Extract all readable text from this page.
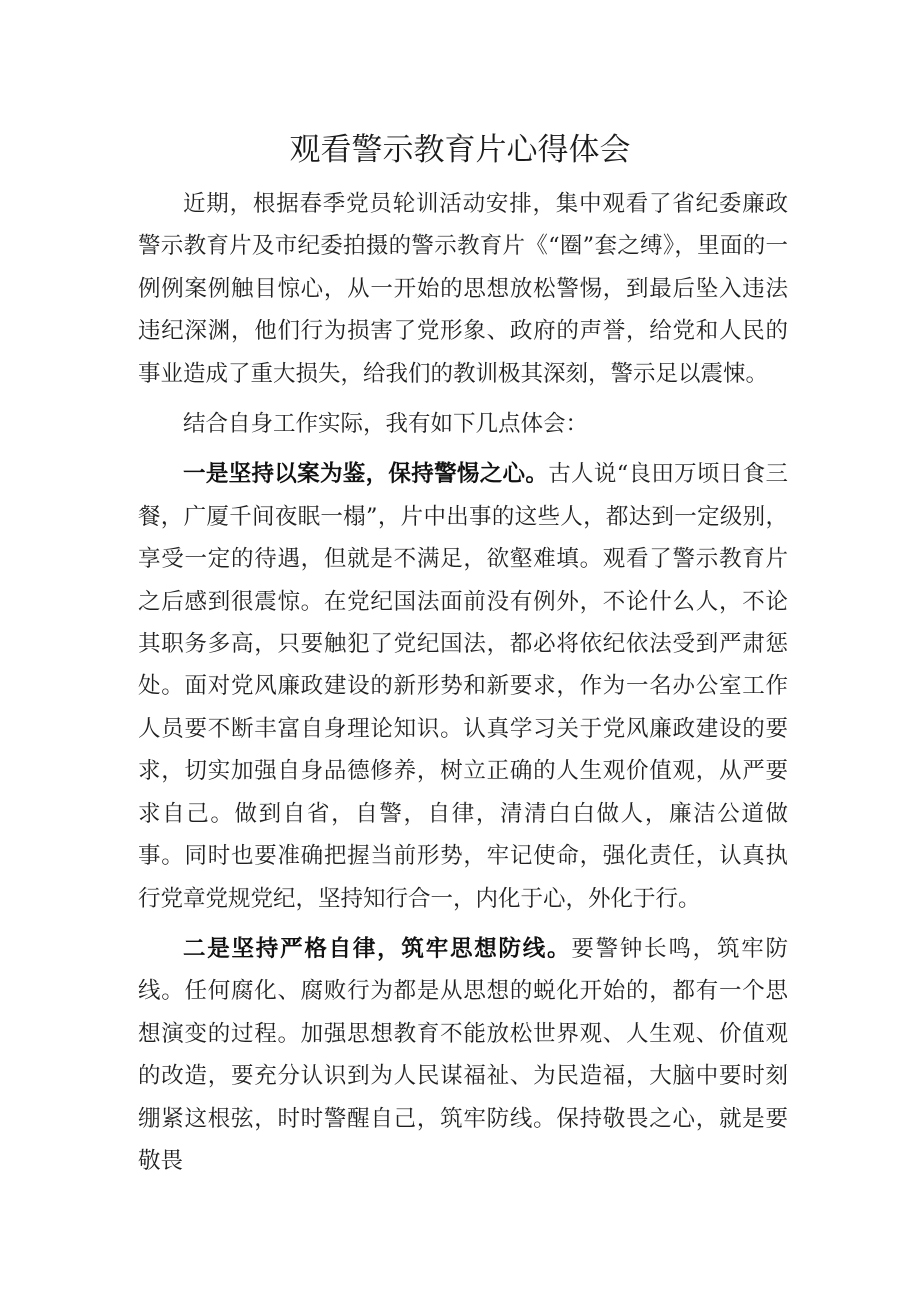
观看警示教育片心得体会

近期，根据春季党员轮训活动安排，集中观看了省纪委廉政警示教育片及市纪委拍摄的警示教育片《“圈”套之缚》，里面的一例例案例触目惊心，从一开始的思想放松警惕，到最后坠入违法违纪深渊，他们行为损害了党形象、政府的声誉，给党和人民的事业造成了重大损失，给我们的教训极其深刻，警示足以震悚。

结合自身工作实际，我有如下几点体会：

一是坚持以案为鉴，保持警惕之心。古人说“良田万顷日食三餐，广厦千间夜眠一榻”，片中出事的这些人，都达到一定级别，享受一定的待遇，但就是不满足，欲壑难填。观看了警示教育片之后感到很震惊。在党纪国法面前没有例外，不论什么人，不论其职务多高，只要触犯了党纪国法，都必将依纪依法受到严肃惩处。面对党风廉政建设的新形势和新要求，作为一名办公室工作人员要不断丰富自身理论知识。认真学习关于党风廉政建设的要求，切实加强自身品德修养，树立正确的人生观价值观，从严要求自己。做到自省，自警，自律，清清白白做人，廉洁公道做事。同时也要准确把握当前形势，牢记使命，强化责任，认真执行党章党规党纪，坚持知行合一，内化于心，外化于行。

二是坚持严格自律，筑牢思想防线。要警钟长鸣，筑牢防线。任何腐化、腐败行为都是从思想的蜕化开始的，都有一个思想演变的过程。加强思想教育不能放松世界观、人生观、价值观的改造，要充分认识到为人民谋福祉、为民造福，大脑中要时刻绷紧这根弦，时时警醒自己，筑牢防线。保持敬畏之心，就是要敬畏
